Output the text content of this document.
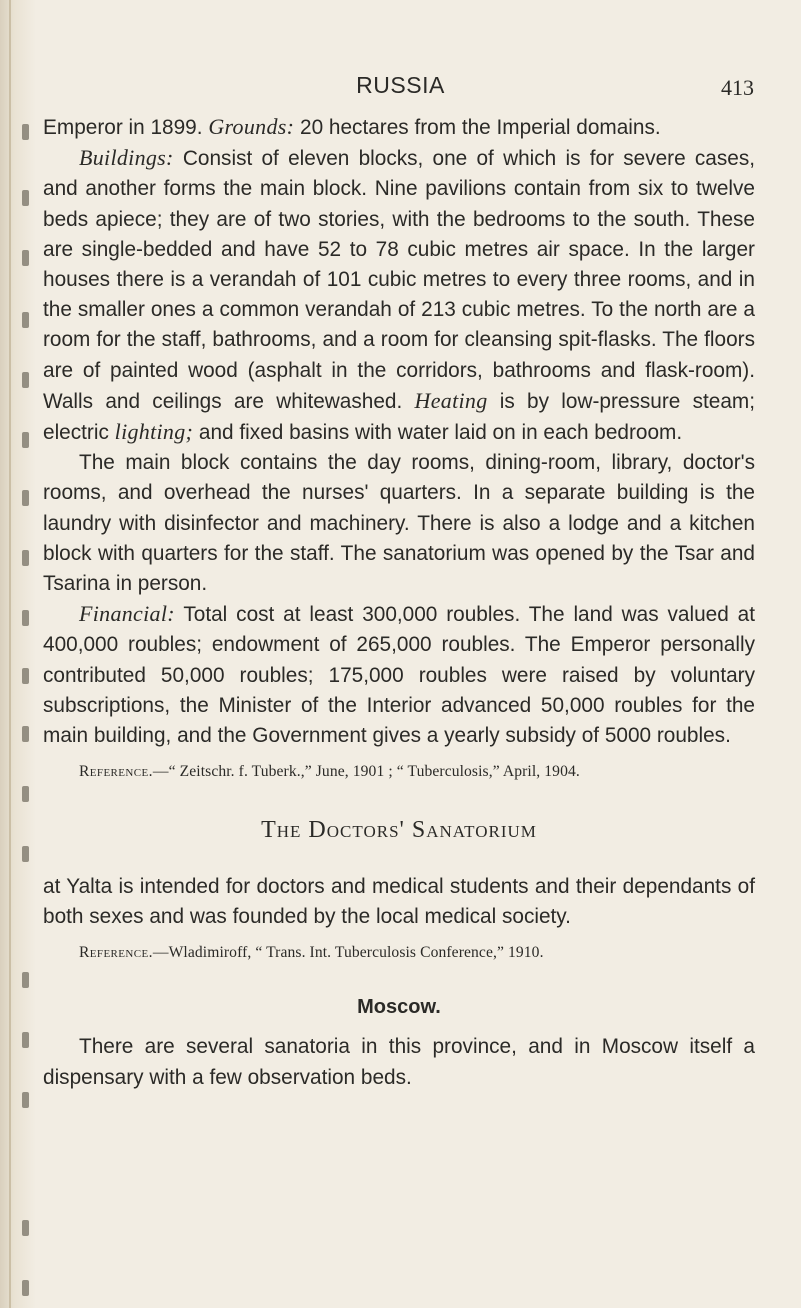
RUSSIA	413

Emperor in 1899. Grounds: 20 hectares from the Imperial domains.

Buildings: Consist of eleven blocks, one of which is for severe cases, and another forms the main block. Nine pavilions contain from six to twelve beds apiece; they are of two stories, with the bedrooms to the south. These are single-bedded and have 52 to 78 cubic metres air space. In the larger houses there is a verandah of 101 cubic metres to every three rooms, and in the smaller ones a common verandah of 213 cubic metres. To the north are a room for the staff, bathrooms, and a room for cleansing spit-flasks. The floors are of painted wood (asphalt in the corridors, bathrooms and flask-room). Walls and ceilings are whitewashed. Heating is by low-pressure steam; electric lighting; and fixed basins with water laid on in each bedroom.

The main block contains the day rooms, dining-room, library, doctor's rooms, and overhead the nurses' quarters. In a separate building is the laundry with disinfector and machinery. There is also a lodge and a kitchen block with quarters for the staff. The sanatorium was opened by the Tsar and Tsarina in person.

Financial: Total cost at least 300,000 roubles. The land was valued at 400,000 roubles; endowment of 265,000 roubles. The Emperor personally contributed 50,000 roubles; 175,000 roubles were raised by voluntary subscriptions, the Minister of the Interior advanced 50,000 roubles for the main building, and the Government gives a yearly subsidy of 5000 roubles.

Reference.—“ Zeitschr. f. Tuberk.,” June, 1901 ; “ Tuberculosis,” April, 1904.

The Doctors' Sanatorium

at Yalta is intended for doctors and medical students and their dependants of both sexes and was founded by the local medical society.

Reference.—Wladimiroff, “ Trans. Int. Tuberculosis Conference,” 1910.

Moscow.

There are several sanatoria in this province, and in Moscow itself a dispensary with a few observation beds.
